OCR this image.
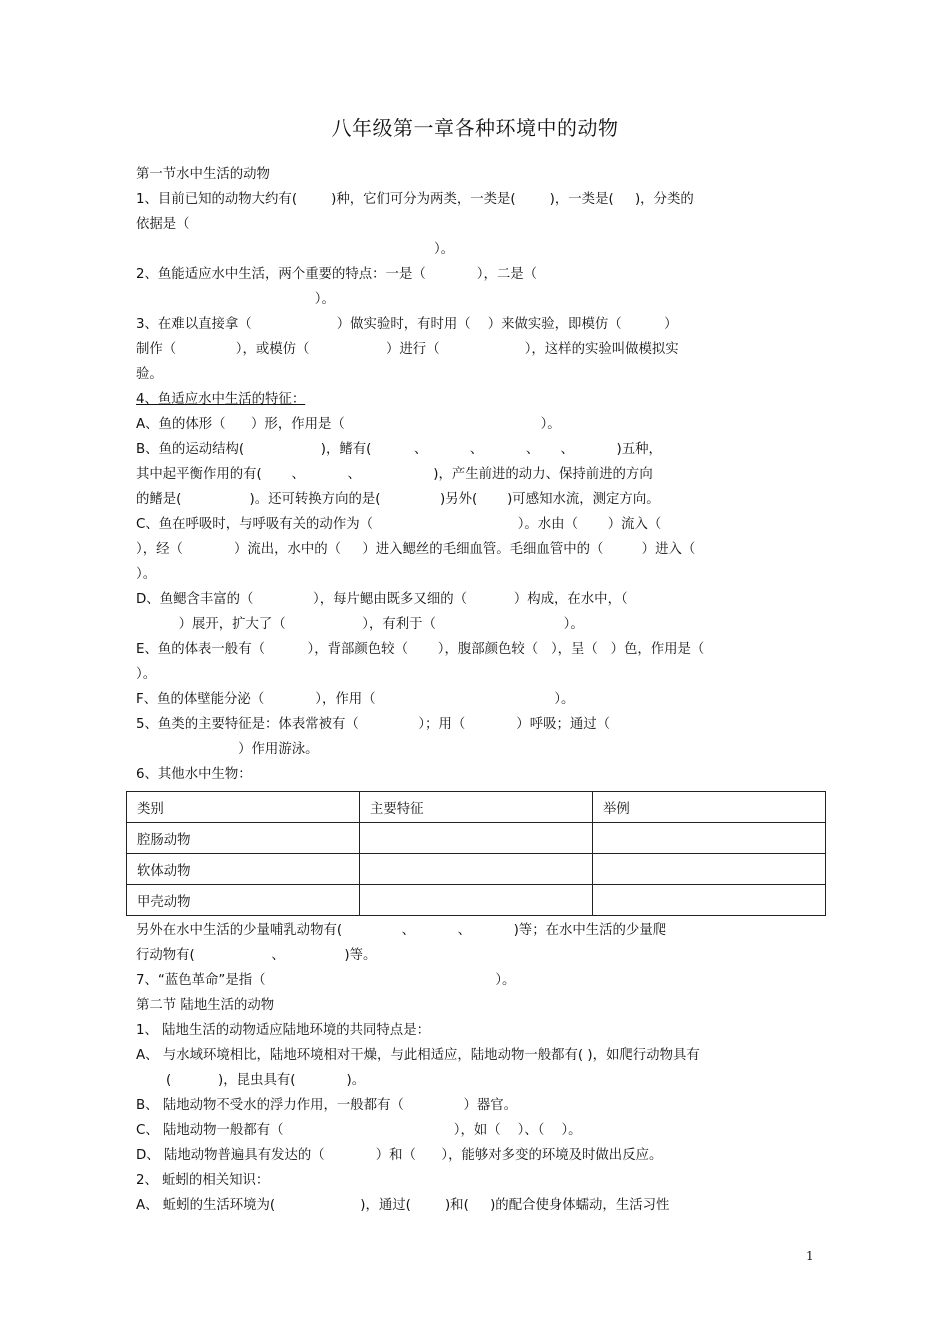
八年级第一章各种环境中的动物
第一节水中生活的动物
1、目前已知的动物大约有(        )种，它们可分为两类，一类是(        )，一类是(     )，分类的
依据是（
）。
2、鱼能适应水中生活，两个重要的特点：一是（            ），二是（
）。
3、在难以直接拿（                    ）做实验时，有时用（    ）来做实验，即模仿（          ）
制作（              ），或模仿（                  ）进行（                    ），这样的实验叫做模拟实
验。
4、鱼适应水中生活的特征：
A、鱼的体形（      ）形，作用是（                                              ）。
B、鱼的运动结构(                  )，鳍有(          、          、          、     、          )五种，
其中起平衡作用的有(       、          、                 )，产生前进的动力、保持前进的方向
的鳍是(                )。还可转换方向的是(              )另外(       )可感知水流，测定方向。
C、鱼在呼吸时，与呼吸有关的动作为（                                  ）。水由（       ）流入（
），经（            ）流出，水中的（     ）进入鳃丝的毛细血管。毛细血管中的（         ）进入（
）。
D、鱼鳃含丰富的（              ），每片鳃由既多又细的（           ）构成，在水中，（
）展开，扩大了（                  ），有利于（                              ）。
E、鱼的体表一般有（          ），背部颜色较（       ），腹部颜色较（   ），呈（   ）色，作用是（
）。
F、鱼的体壁能分泌（            ），作用（                                          ）。
5、鱼类的主要特征是：体表常被有（              ）；用（            ）呼吸；通过（
）作用游泳。
6、其他水中生物：
类别	主要特征	举例
腔肠动物		
软体动物		
甲壳动物		
另外在水中生活的少量哺乳动物有(              、          、          )等；在水中生活的少量爬
行动物有(                  、              )等。
7、“蓝色革命”是指（                                                      ）。
第二节 陆地生活的动物
1、 陆地生活的动物适应陆地环境的共同特点是：
A、 与水域环境相比，陆地环境相对干燥，与此相适应，陆地动物一般都有( )，如爬行动物具有
(           )，昆虫具有(            )。
B、 陆地动物不受水的浮力作用，一般都有（              ）器官。
C、 陆地动物一般都有（                                        ），如（    ）、（    ）。
D、 陆地动物普遍具有发达的（            ）和（      ），能够对多变的环境及时做出反应。
2、 蚯蚓的相关知识：
A、 蚯蚓的生活环境为(                    )，通过(        )和(     )的配合使身体蠕动，生活习性
1
